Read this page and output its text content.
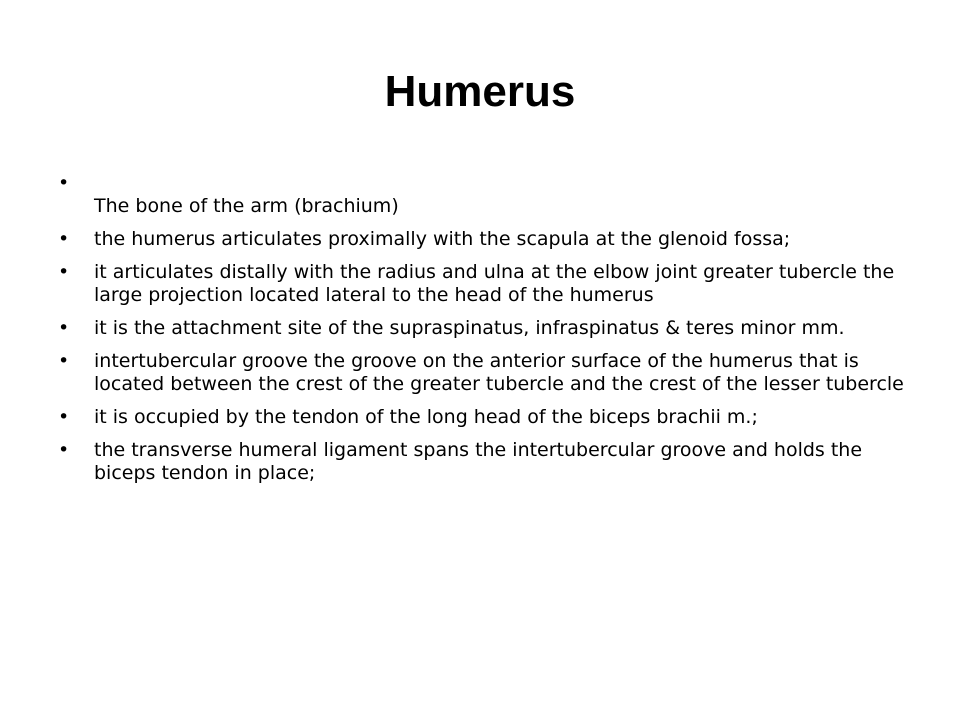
Humerus
•
The bone of the arm (brachium)
• the humerus articulates proximally with the scapula at the glenoid fossa;
• it articulates distally with the radius and ulna at the elbow joint greater tubercle the large projection located lateral to the head of the humerus
• it is the attachment site of the supraspinatus, infraspinatus & teres minor mm.
• intertubercular groove the groove on the anterior surface of the humerus that is located between the crest of the greater tubercle and the crest of the lesser tubercle
• it is occupied by the tendon of the long head of the biceps brachii m.;
• the transverse humeral ligament spans the intertubercular groove and holds the biceps tendon in place;
